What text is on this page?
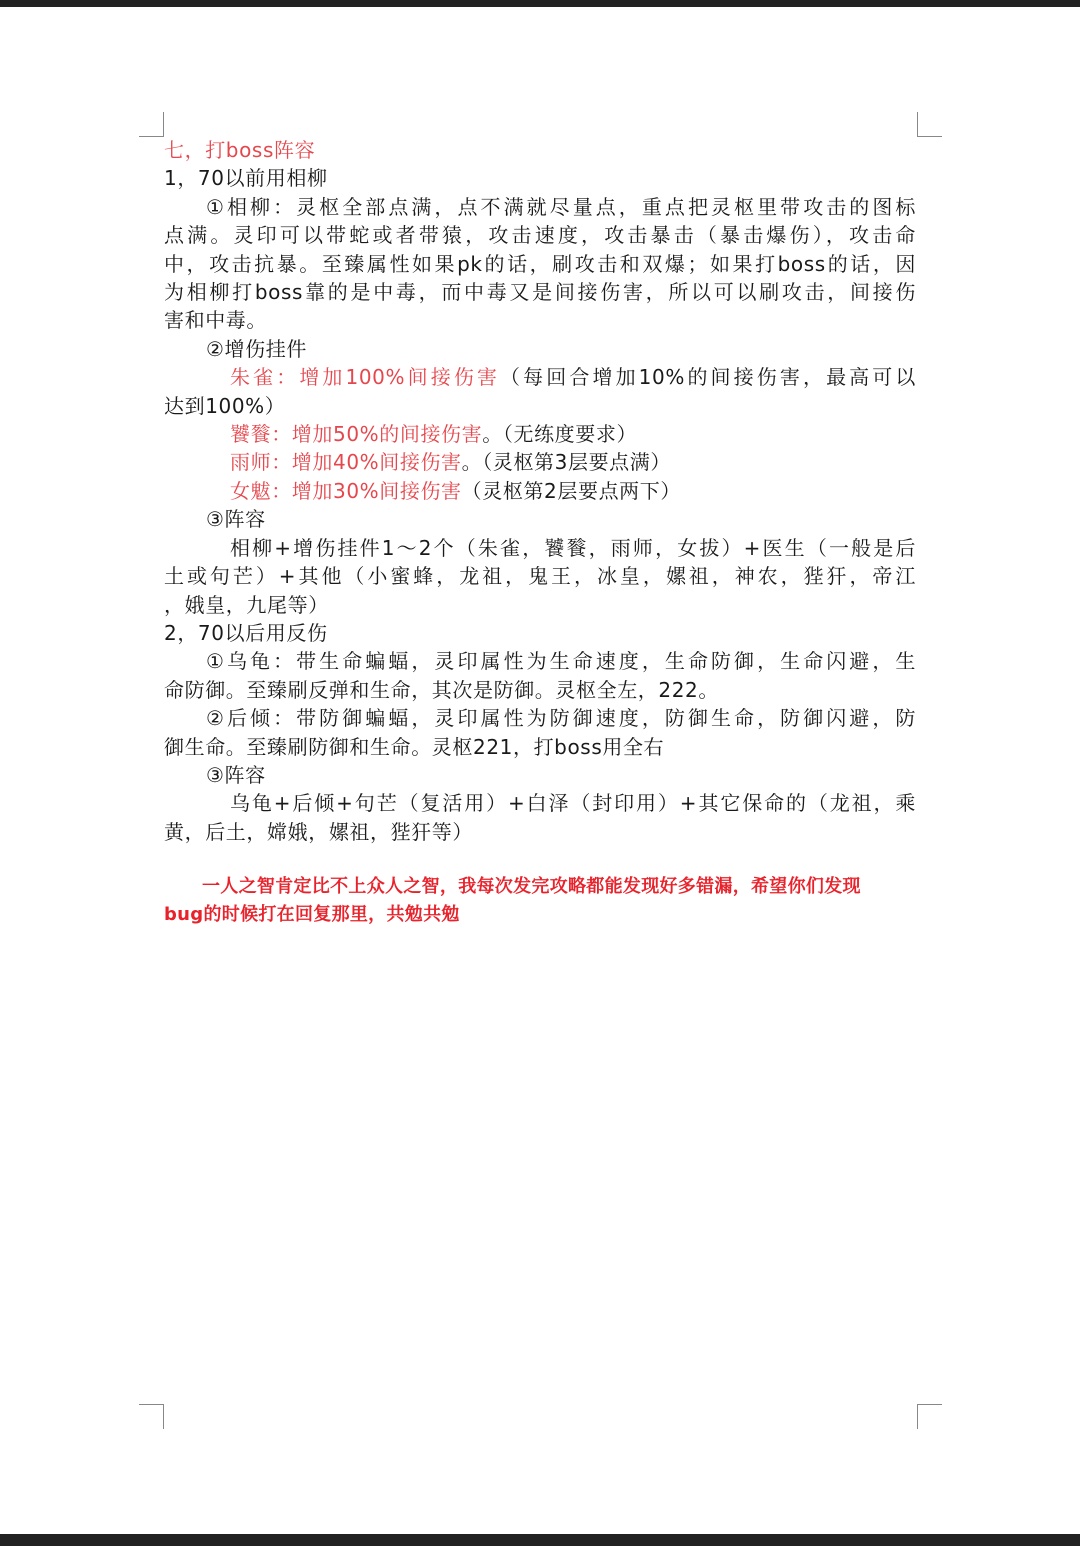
七，打boss阵容
1，70以前用相柳
①相柳：灵枢全部点满，点不满就尽量点，重点把灵枢里带攻击的图标
点满。灵印可以带蛇或者带猿，攻击速度，攻击暴击（暴击爆伤），攻击命
中，攻击抗暴。至臻属性如果pk的话，刷攻击和双爆；如果打boss的话，因
为相柳打boss靠的是中毒，而中毒又是间接伤害，所以可以刷攻击，间接伤
害和中毒。
②增伤挂件
朱雀：增加100%间接伤害（每回合增加10%的间接伤害，最高可以
达到100%）
饕餮：增加50%的间接伤害。（无练度要求）
雨师：增加40%间接伤害。（灵枢第3层要点满）
女魃：增加30%间接伤害（灵枢第2层要点两下）
③阵容
相柳+增伤挂件1～2个（朱雀，饕餮，雨师，女拔）+医生（一般是后
土或句芒）+其他（小蜜蜂，龙祖，鬼王，冰皇，嫘祖，神农，狴犴，帝江
，娥皇，九尾等）
2，70以后用反伤
①乌龟：带生命蝙蝠，灵印属性为生命速度，生命防御，生命闪避，生
命防御。至臻刷反弹和生命，其次是防御。灵枢全左，222。
②后倾：带防御蝙蝠，灵印属性为防御速度，防御生命，防御闪避，防
御生命。至臻刷防御和生命。灵枢221，打boss用全右
③阵容
乌龟+后倾+句芒（复活用）+白泽（封印用）+其它保命的（龙祖，乘
黄，后土，嫦娥，嫘祖，狴犴等）
一人之智肯定比不上众人之智，我每次发完攻略都能发现好多错漏，希望你们发现
bug的时候打在回复那里，共勉共勉
